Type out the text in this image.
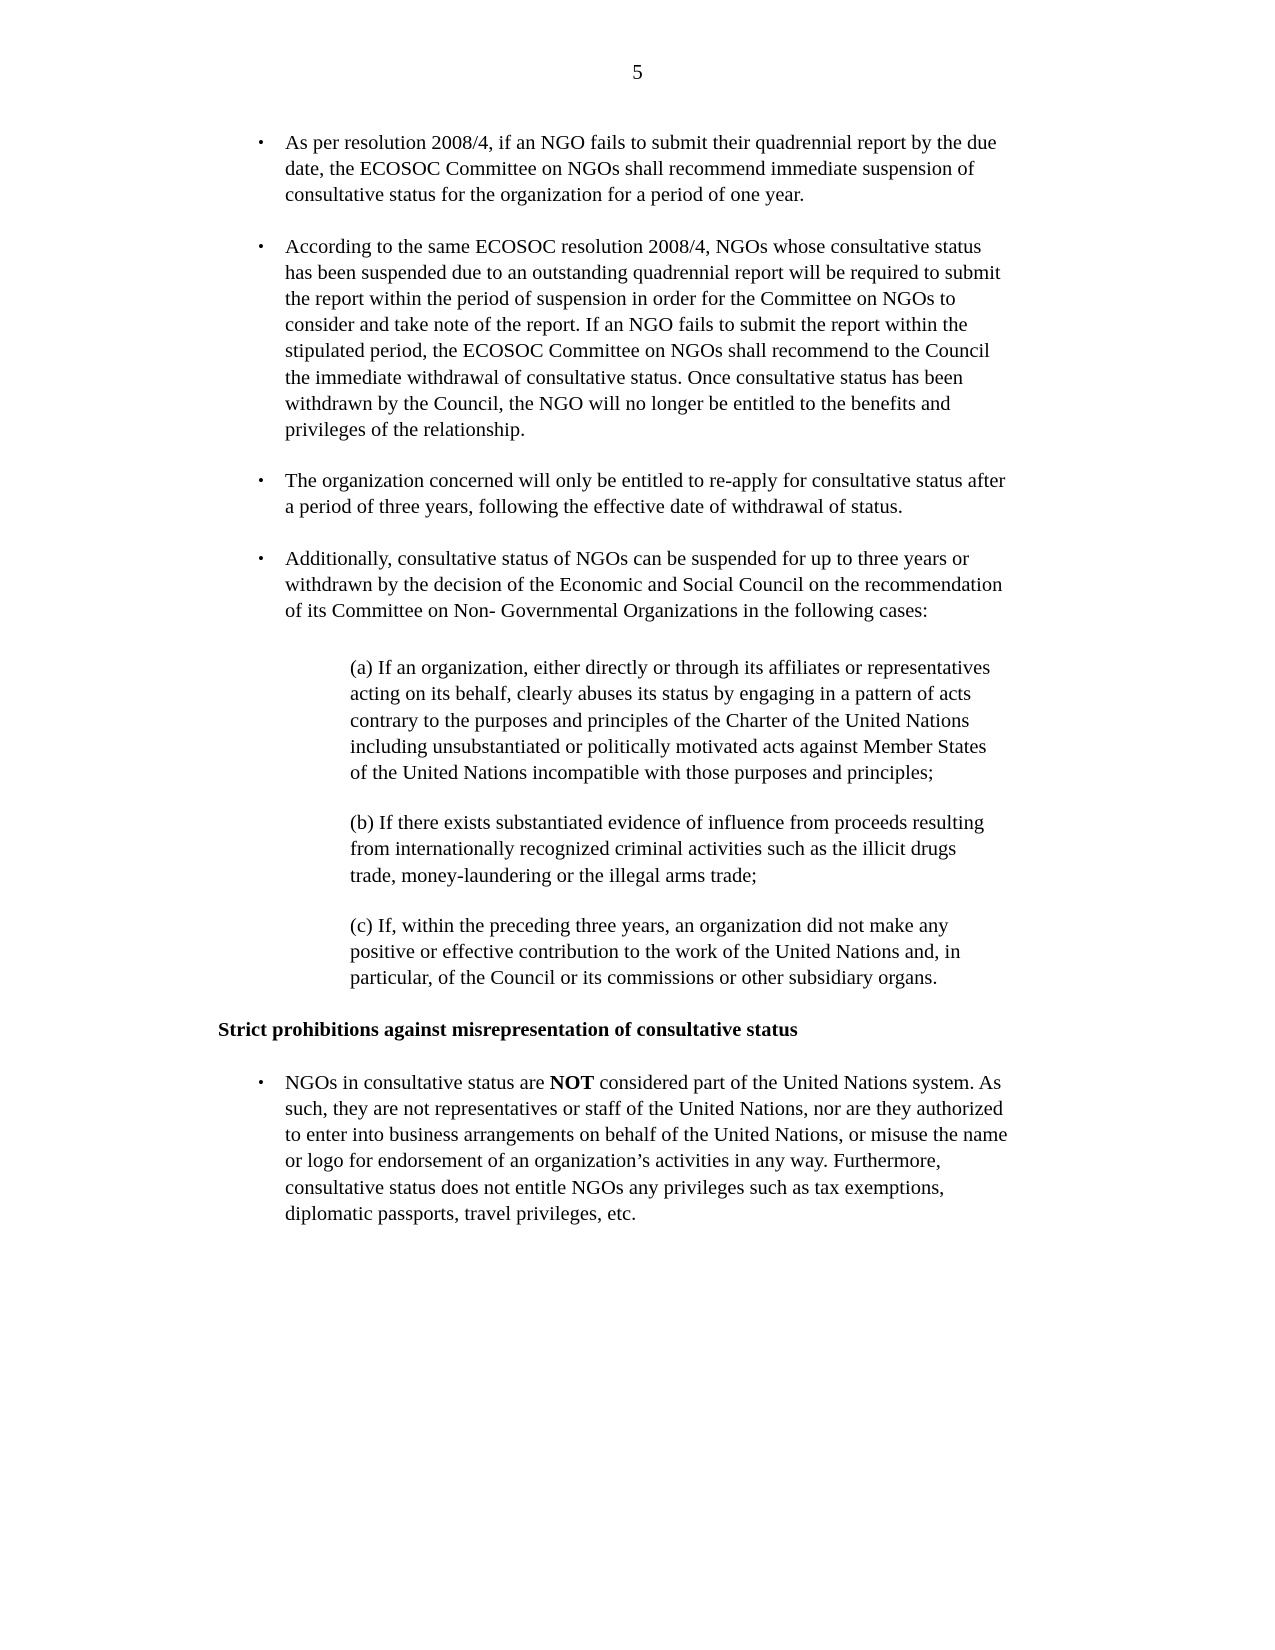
5
• As per resolution 2008/4, if an NGO fails to submit their quadrennial report by the due date, the ECOSOC Committee on NGOs shall recommend immediate suspension of consultative status for the organization for a period of one year.
• According to the same ECOSOC resolution 2008/4, NGOs whose consultative status has been suspended due to an outstanding quadrennial report will be required to submit the report within the period of suspension in order for the Committee on NGOs to consider and take note of the report. If an NGO fails to submit the report within the stipulated period, the ECOSOC Committee on NGOs shall recommend to the Council the immediate withdrawal of consultative status. Once consultative status has been withdrawn by the Council, the NGO will no longer be entitled to the benefits and privileges of the relationship.
• The organization concerned will only be entitled to re-apply for consultative status after a period of three years, following the effective date of withdrawal of status.
• Additionally, consultative status of NGOs can be suspended for up to three years or withdrawn by the decision of the Economic and Social Council on the recommendation of its Committee on Non- Governmental Organizations in the following cases:
(a) If an organization, either directly or through its affiliates or representatives acting on its behalf, clearly abuses its status by engaging in a pattern of acts contrary to the purposes and principles of the Charter of the United Nations including unsubstantiated or politically motivated acts against Member States of the United Nations incompatible with those purposes and principles;
(b) If there exists substantiated evidence of influence from proceeds resulting from internationally recognized criminal activities such as the illicit drugs trade, money-laundering or the illegal arms trade;
(c) If, within the preceding three years, an organization did not make any positive or effective contribution to the work of the United Nations and, in particular, of the Council or its commissions or other subsidiary organs.
Strict prohibitions against misrepresentation of consultative status
• NGOs in consultative status are NOT considered part of the United Nations system. As such, they are not representatives or staff of the United Nations, nor are they authorized to enter into business arrangements on behalf of the United Nations, or misuse the name or logo for endorsement of an organization’s activities in any way. Furthermore, consultative status does not entitle NGOs any privileges such as tax exemptions, diplomatic passports, travel privileges, etc.
